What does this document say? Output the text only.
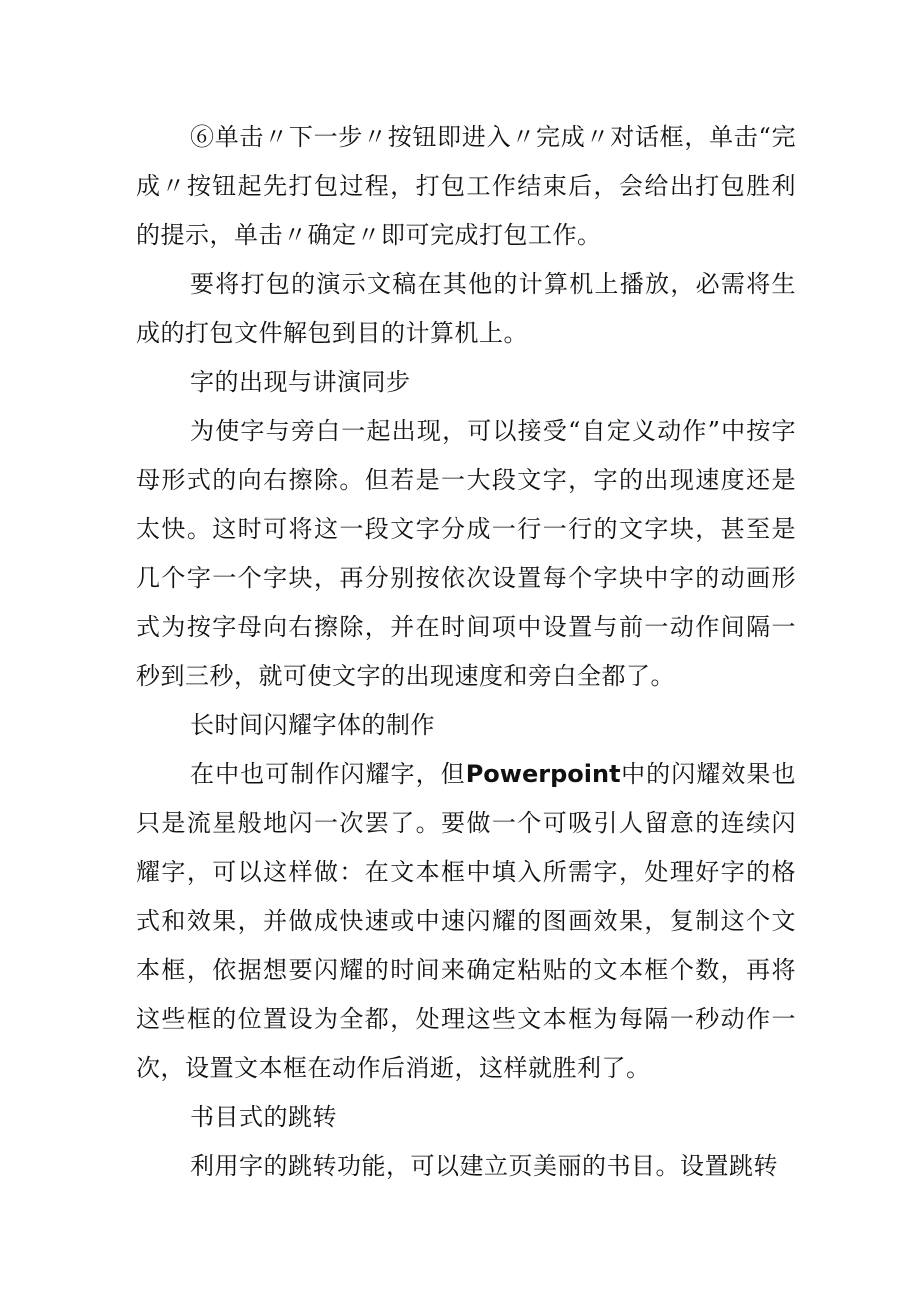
⑥单击〃下一步〃按钮即进入〃完成〃对话框，单击“完成〃按钮起先打包过程，打包工作结束后，会给出打包胜利的提示，单击〃确定〃即可完成打包工作。

要将打包的演示文稿在其他的计算机上播放，必需将生成的打包文件解包到目的计算机上。

字的出现与讲演同步

为使字与旁白一起出现，可以接受“自定义动作”中按字母形式的向右擦除。但若是一大段文字，字的出现速度还是太快。这时可将这一段文字分成一行一行的文字块，甚至是几个字一个字块，再分别按依次设置每个字块中字的动画形式为按字母向右擦除，并在时间项中设置与前一动作间隔一秒到三秒，就可使文字的出现速度和旁白全都了。

长时间闪耀字体的制作

在中也可制作闪耀字，但Powerpoint中的闪耀效果也只是流星般地闪一次罢了。要做一个可吸引人留意的连续闪耀字，可以这样做：在文本框中填入所需字，处理好字的格式和效果，并做成快速或中速闪耀的图画效果，复制这个文本框，依据想要闪耀的时间来确定粘贴的文本框个数，再将这些框的位置设为全都，处理这些文本框为每隔一秒动作一次，设置文本框在动作后消逝，这样就胜利了。

书目式的跳转

利用字的跳转功能，可以建立页美丽的书目。设置跳转
